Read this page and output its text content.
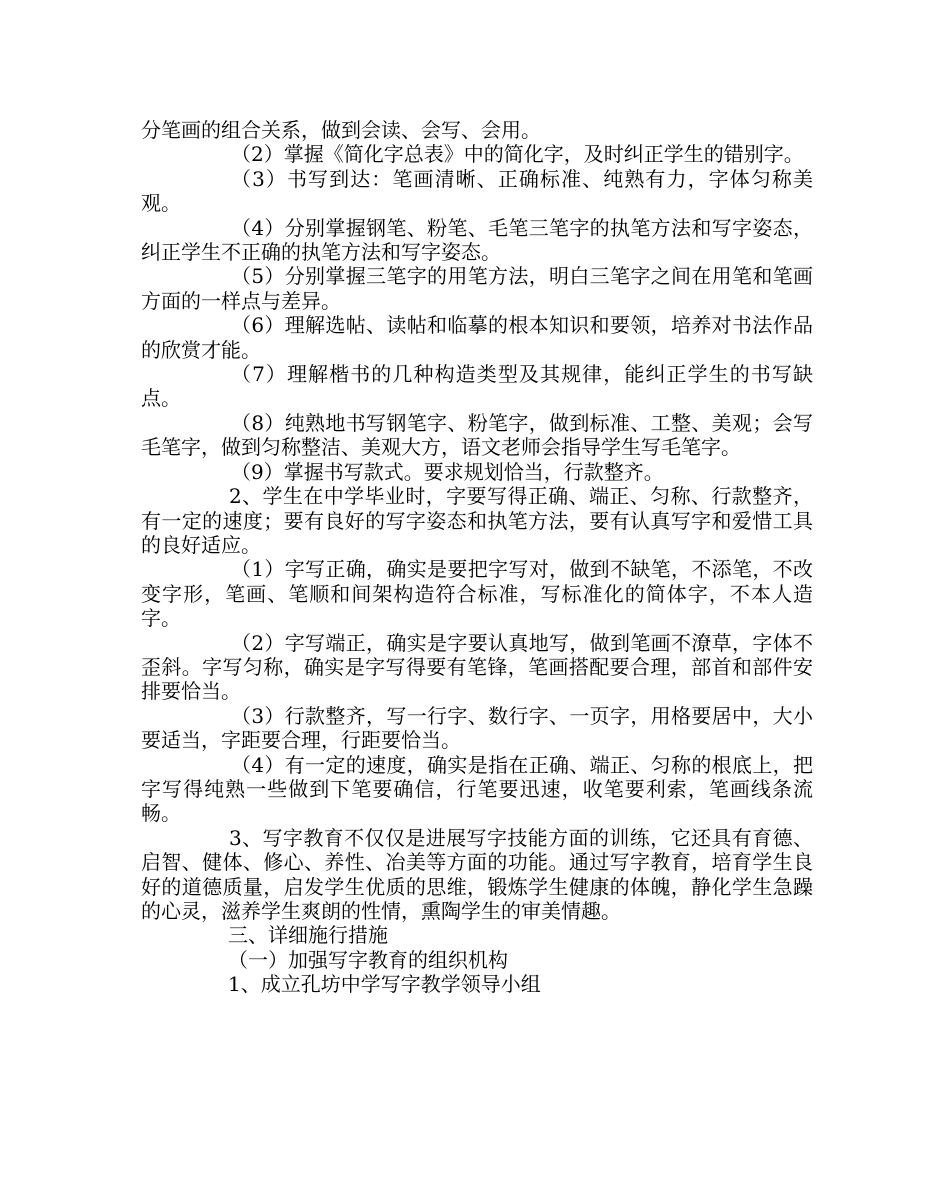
分笔画的组合关系，做到会读、会写、会用。

（2）掌握《简化字总表》中的简化字，及时纠正学生的错别字。

（3）书写到达：笔画清晰、正确标准、纯熟有力，字体匀称美观。

（4）分别掌握钢笔、粉笔、毛笔三笔字的执笔方法和写字姿态，纠正学生不正确的执笔方法和写字姿态。

（5）分别掌握三笔字的用笔方法，明白三笔字之间在用笔和笔画方面的一样点与差异。

（6）理解选帖、读帖和临摹的根本知识和要领，培养对书法作品的欣赏才能。

（7）理解楷书的几种构造类型及其规律，能纠正学生的书写缺点。

（8）纯熟地书写钢笔字、粉笔字，做到标准、工整、美观；会写毛笔字，做到匀称整洁、美观大方，语文老师会指导学生写毛笔字。

（9）掌握书写款式。要求规划恰当，行款整齐。

2、学生在中学毕业时，字要写得正确、端正、匀称、行款整齐，有一定的速度；要有良好的写字姿态和执笔方法，要有认真写字和爱惜工具的良好适应。

（1）字写正确，确实是要把字写对，做到不缺笔，不添笔，不改变字形，笔画、笔顺和间架构造符合标准，写标准化的简体字，不本人造字。

（2）字写端正，确实是字要认真地写，做到笔画不潦草，字体不歪斜。字写匀称，确实是字写得要有笔锋，笔画搭配要合理，部首和部件安排要恰当。

（3）行款整齐，写一行字、数行字、一页字，用格要居中，大小要适当，字距要合理，行距要恰当。

（4）有一定的速度，确实是指在正确、端正、匀称的根底上，把字写得纯熟一些做到下笔要确信，行笔要迅速，收笔要利索，笔画线条流畅。

3、写字教育不仅仅是进展写字技能方面的训练，它还具有育德、启智、健体、修心、养性、冶美等方面的功能。通过写字教育，培育学生良好的道德质量，启发学生优质的思维，锻炼学生健康的体魄，静化学生急躁的心灵，滋养学生爽朗的性情，熏陶学生的审美情趣。

三、详细施行措施

（一）加强写字教育的组织机构

1、成立孔坊中学写字教学领导小组
